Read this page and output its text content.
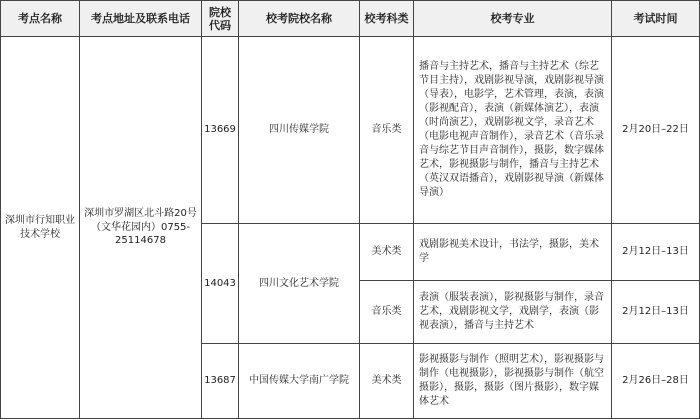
考点名称	考点地址及联系电话	院校代码	校考院校名称	校考科类	校考专业	考试时间
深圳市行知职业技术学校	深圳市罗湖区北斗路20号（文华花园内）0755-25114678	13669	四川传媒学院	音乐类	播音与主持艺术，播音与主持艺术（综艺节目主持），戏剧影视导演，戏剧影视导演（导表），电影学，艺术管理，表演，表演（影视配音），表演（新媒体演艺），表演（时尚演艺），戏剧影视文学，录音艺术（电影电视声音制作），录音艺术（音乐录音与综艺节目声音制作），摄影，数字媒体艺术，影视摄影与制作，播音与主持艺术（英汉双语播音），戏剧影视导演（新媒体导演）	2月20日–22日
		14043	四川文化艺术学院	美术类	戏剧影视美术设计，书法学，摄影，美术学	2月12日–13日
				音乐类	表演（服装表演），影视摄影与制作，录音艺术，戏剧影视文学，戏剧学，表演（影视表演），播音与主持艺术	2月12日–13日
		13687	中国传媒大学南广学院	美术类	影视摄影与制作（照明艺术），影视摄影与制作（电视摄影），影视摄影与制作（航空摄影），摄影，摄影（图片摄影），数字媒体艺术	2月26日–28日
